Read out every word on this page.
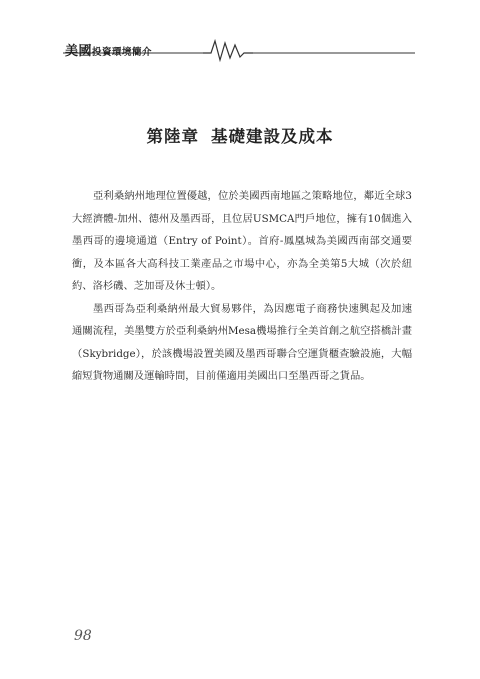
美國投資環境簡介
第陸章 基礎建設及成本

亞利桑納州地理位置優越，位於美國西南地區之策略地位，鄰近全球3大經濟體-加州、德州及墨西哥，且位居USMCA門戶地位，擁有10個進入墨西哥的邊境通道（Entry of Point）。首府-鳳凰城為美國西南部交通要衝，及本區各大高科技工業產品之市場中心，亦為全美第5大城（次於紐約、洛杉磯、芝加哥及休士頓）。

墨西哥為亞利桑納州最大貿易夥伴，為因應電子商務快速興起及加速通關流程，美墨雙方於亞利桑納州Mesa機場推行全美首創之航空搭橋計畫（Skybridge），於該機場設置美國及墨西哥聯合空運貨櫃查驗設施，大幅縮短貨物通關及運輸時間，目前僅適用美國出口至墨西哥之貨品。

98
